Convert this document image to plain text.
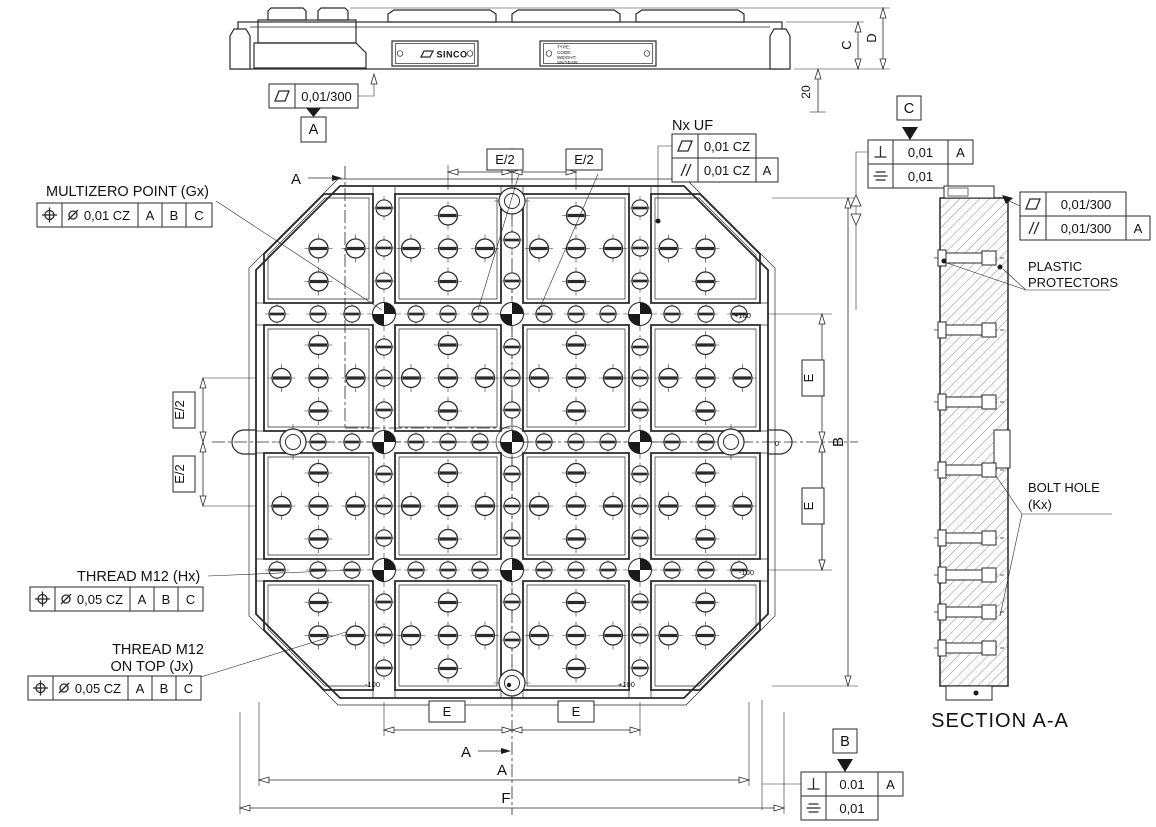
SINCO
TYPE:
CODE:
WEIGHT:
SN/YEAR:
C
D
20
0,01/300
A
A
A
+100
0
-100
-100	+100
E/2	E/2
E/2
E/2
E
E
B
E	E
A
F
MULTIZERO POINT (Gx)
0,01 CZ A B C
THREAD M12 (Hx)
0,05 CZ A B C
THREAD M12
ON TOP (Jx)
0,05 CZ A B C
Nx UF
0,01 CZ
0,01 CZ A
C
0,01 A
0,01
B
0.01 A
0,01
0,01/300
0,01/300 A
PLASTIC
PROTECTORS
BOLT HOLE
(Kx)
SECTION A-A
